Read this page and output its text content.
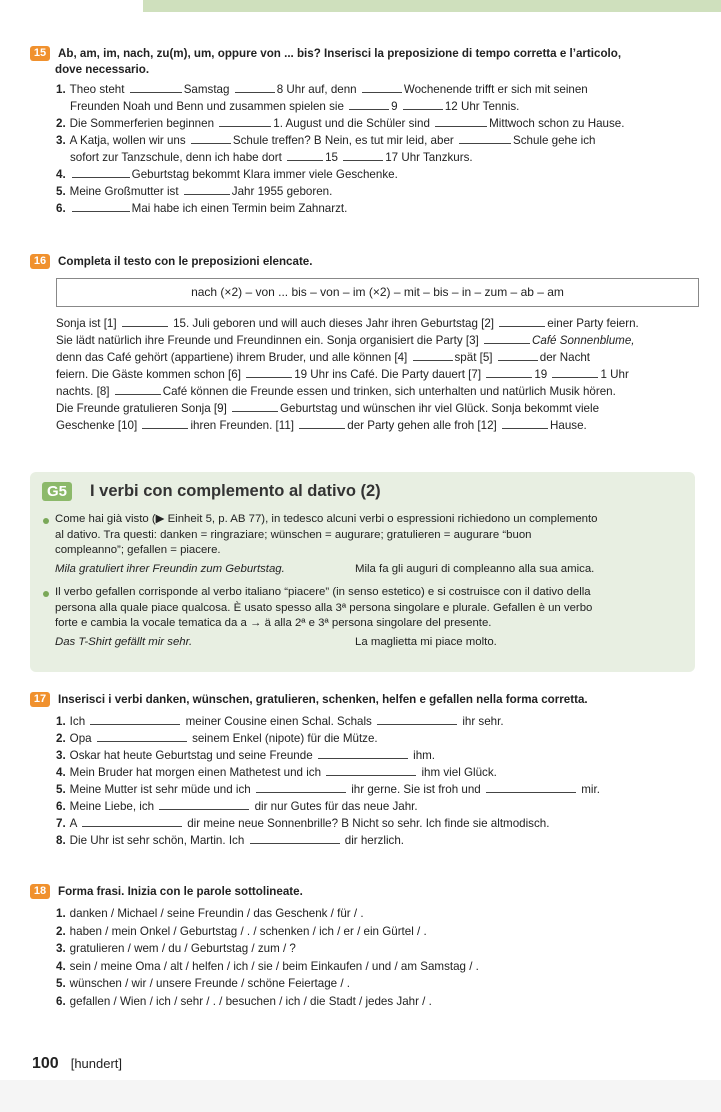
15 Ab, am, im, nach, zu(m), um, oppure von ... bis? Inserisci la preposizione di tempo corretta e l’articolo,
dove necessario.
1. Theo steht	Samstag	8 Uhr auf, denn	Wochenende trifft er sich mit seinen
Freunden Noah und Benn und zusammen spielen sie	9	12 Uhr Tennis.
2. Die Sommerferien beginnen	1. August und die Schüler sind	Mittwoch schon zu Hause.
3. A Katja, wollen wir uns	Schule treffen? B Nein, es tut mir leid, aber	Schule gehe ich
sofort zur Tanzschule, denn ich habe dort	15	17 Uhr Tanzkurs.
4.	Geburtstag bekommt Klara immer viele Geschenke.
5. Meine Großmutter ist	Jahr 1955 geboren.
6.	Mai habe ich einen Termin beim Zahnarzt.
16 Completa il testo con le preposizioni elencate.
nach (×2) – von ... bis – von – im (×2) – mit – bis – in – zum – ab – am
Sonja ist [1]	15. Juli geboren und will auch dieses Jahr ihren Geburtstag [2]	einer Party feiern.
Sie lädt natürlich ihre Freunde und Freundinnen ein. Sonja organisiert die Party [3]	Café Sonnenblume,
denn das Café gehört (appartiene) ihrem Bruder, und alle können [4]	spät [5]	der Nacht
feiern. Die Gäste kommen schon [6]	19 Uhr ins Café. Die Party dauert [7]	19	1 Uhr
nachts. [8]	Café können die Freunde essen und trinken, sich unterhalten und natürlich Musik hören.
Die Freunde gratulieren Sonja [9]	Geburtstag und wünschen ihr viel Glück. Sonja bekommt viele
Geschenke [10]	ihren Freunden. [11]	der Party gehen alle froh [12]	Hause.
G5	I verbi con complemento al dativo (2)
Come hai già visto (▶ Einheit 5, p. AB 77), in tedesco alcuni verbi o espressioni richiedono un complemento
al dativo. Tra questi: danken = ringraziare; wünschen = augurare; gratulieren = augurare “buon
compleanno”; gefallen = piacere.
Mila gratuliert ihrer Freundin zum Geburtstag.	Mila fa gli auguri di compleanno alla sua amica.
Il verbo gefallen corrisponde al verbo italiano “piacere” (in senso estetico) e si costruisce con il dativo della
persona alla quale piace qualcosa. È usato spesso alla 3ª persona singolare e plurale. Gefallen è un verbo
forte e cambia la vocale tematica da a → ä alla 2ª e 3ª persona singolare del presente.
Das T-Shirt gefällt mir sehr.	La maglietta mi piace molto.
17 Inserisci i verbi danken, wünschen, gratulieren, schenken, helfen e gefallen nella forma corretta.
1. Ich	meiner Cousine einen Schal. Schals	ihr sehr.
2. Opa	seinem Enkel (nipote) für die Mütze.
3. Oskar hat heute Geburtstag und seine Freunde	ihm.
4. Mein Bruder hat morgen einen Mathetest und ich	ihm viel Glück.
5. Meine Mutter ist sehr müde und ich	ihr gerne. Sie ist froh und	mir.
6. Meine Liebe, ich	dir nur Gutes für das neue Jahr.
7. A	dir meine neue Sonnenbrille? B Nicht so sehr. Ich finde sie altmodisch.
8. Die Uhr ist sehr schön, Martin. Ich	dir herzlich.
18 Forma frasi. Inizia con le parole sottolineate.
1. danken / Michael / seine Freundin / das Geschenk / für / .
2. haben / mein Onkel / Geburtstag / . / schenken / ich / er / ein Gürtel / .
3. gratulieren / wem / du / Geburtstag / zum / ?
4. sein / meine Oma / alt / helfen / ich / sie / beim Einkaufen / und / am Samstag / .
5. wünschen / wir / unsere Freunde / schöne Feiertage / .
6. gefallen / Wien / ich / sehr / . / besuchen / ich / die Stadt / jedes Jahr / .
100 [hundert]
